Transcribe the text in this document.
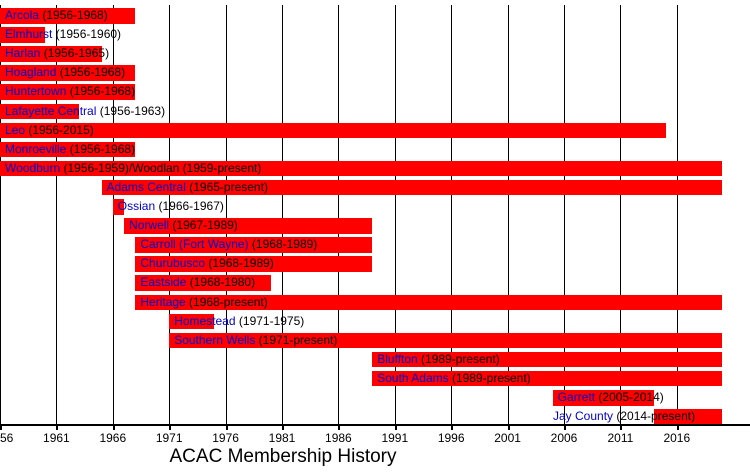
Arcola (1956-1968)
Elmhurst (1956-1960)
Harlan (1956-1965)
Hoagland (1956-1968)
Huntertown (1956-1968)
Lafayette Central (1956-1963)
Leo (1956-2015)
Monroeville (1956-1968)
Woodburn (1956-1959)/Woodlan (1959-present)
Adams Central (1965-present)
Ossian (1966-1967)
Norwell (1967-1989)
Carroll (Fort Wayne) (1968-1989)
Churubusco (1968-1989)
Eastside (1968-1980)
Heritage (1968-present)
Homestead (1971-1975)
Southern Wells (1971-present)
Bluffton (1989-present)
South Adams (1989-present)
Garrett (2005-2014)
Jay County (2014-present)
56 1961 1966 1971 1976 1981 1986 1991 1996 2001 2006	2011	2016
ACAC Membership History
